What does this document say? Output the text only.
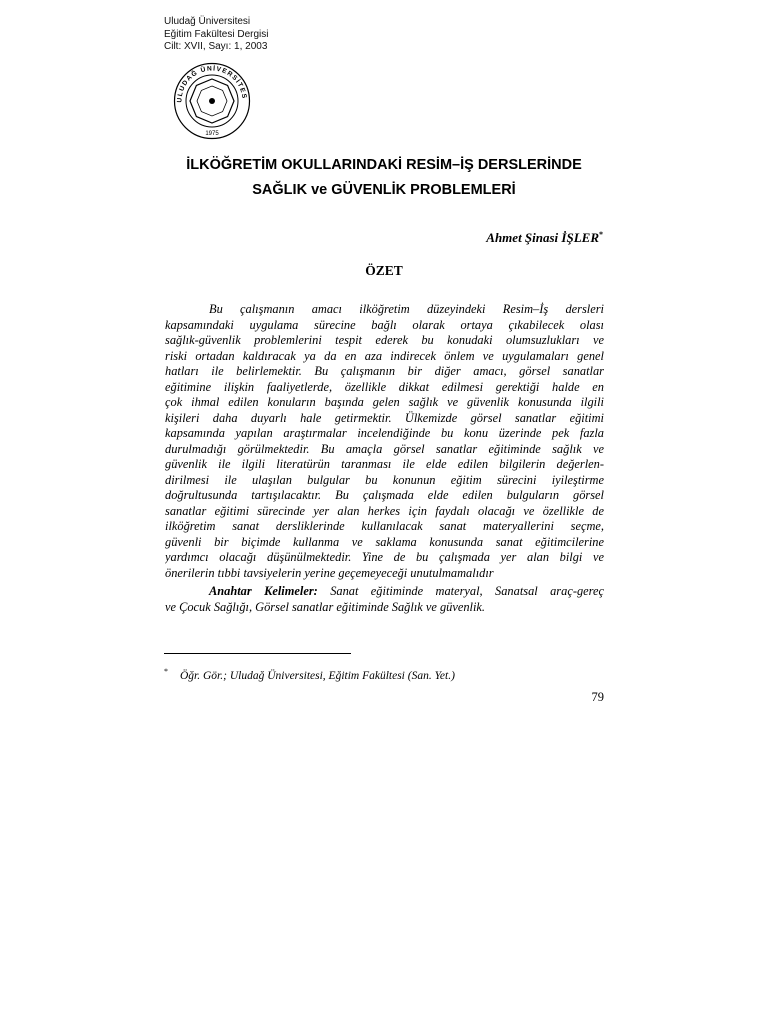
Uludağ Üniversitesi
Eğitim Fakültesi Dergisi
Cilt: XVII, Sayı: 1, 2003
ULUDAĞ ÜNİVERSİTES
1975
İLKÖĞRETİM OKULLARINDAKİ RESİM–İŞ DERSLERİNDE
SAĞLIK ve GÜVENLİK PROBLEMLERİ
Ahmet Şinasi İŞLER*
ÖZET
Bu çalışmanın amacı ilköğretim düzeyindeki Resim–İş dersleri
kapsamındaki uygulama sürecine bağlı olarak ortaya çıkabilecek olası
sağlık-güvenlik problemlerini tespit ederek bu konudaki olumsuzlukları ve
riski ortadan kaldıracak ya da en aza indirecek önlem ve uygulamaları genel
hatları ile belirlemektir. Bu çalışmanın bir diğer amacı, görsel sanatlar
eğitimine ilişkin faaliyetlerde, özellikle dikkat edilmesi gerektiği halde en
çok ihmal edilen konuların başında gelen sağlık ve güvenlik konusunda ilgili
kişileri daha duyarlı hale getirmektir. Ülkemizde görsel sanatlar eğitimi
kapsamında yapılan araştırmalar incelendiğinde bu konu üzerinde pek fazla
durulmadığı görülmektedir. Bu amaçla görsel sanatlar eğitiminde sağlık ve
güvenlik ile ilgili literatürün taranması ile elde edilen bilgilerin değerlen-
dirilmesi ile ulaşılan bulgular bu konunun eğitim sürecini iyileştirme
doğrultusunda tartışılacaktır. Bu çalışmada elde edilen bulguların görsel
sanatlar eğitimi sürecinde yer alan herkes için faydalı olacağı ve özellikle de
ilköğretim sanat dersliklerinde kullanılacak sanat materyallerini seçme,
güvenli bir biçimde kullanma ve saklama konusunda sanat eğitimcilerine
yardımcı olacağı düşünülmektedir. Yine de bu çalışmada yer alan bilgi ve
önerilerin tıbbi tavsiyelerin yerine geçemeyeceği unutulmamalıdır
Anahtar Kelimeler: Sanat eğitiminde materyal, Sanatsal araç-gereç
ve Çocuk Sağlığı, Görsel sanatlar eğitiminde Sağlık ve güvenlik.
* Öğr. Gör.; Uludağ Üniversitesi, Eğitim Fakültesi (San. Yet.)
79
